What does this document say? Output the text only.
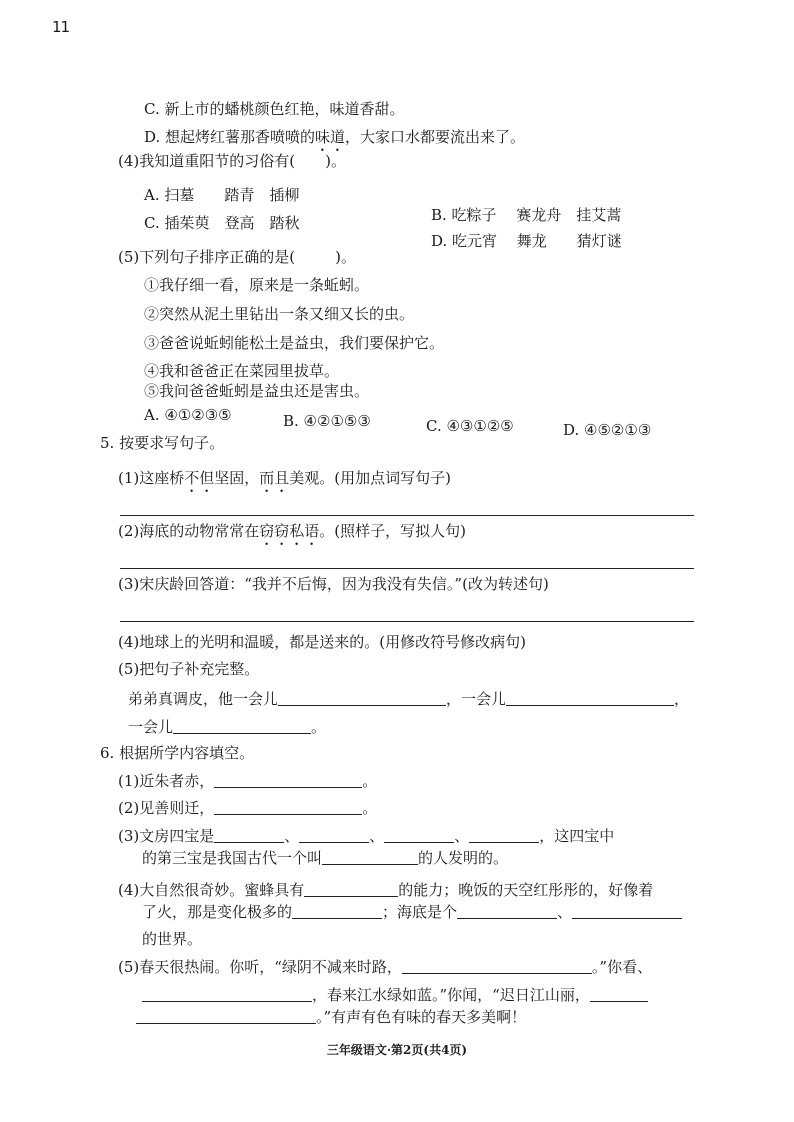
11
C. 新上市的蟠桃颜色红艳，味道香甜。
D. 想起烤红薯那香喷喷的味道，大家口水都要流出来了。
(4)我知道重阳节的习俗有( )。
A. 扫墓　　踏青　插柳
B. 吃粽子　 赛龙舟　挂艾蒿
C. 插茱萸　登高　踏秋
D. 吃元宵　 舞龙　　猜灯谜
(5)下列句子排序正确的是(	)。
①我仔细一看，原来是一条蚯蚓。
②突然从泥土里钻出一条又细又长的虫。
③爸爸说蚯蚓能松土是益虫，我们要保护它。
④我和爸爸正在菜园里拔草。
⑤我问爸爸蚯蚓是益虫还是害虫。
A. ④①②③⑤	B. ④②①⑤③	C. ④③①②⑤	D. ④⑤②①③
5. 按要求写句子。
(1)这座桥不但坚固，而且美观。(用加点词写句子)
(2)海底的动物常常在窃窃私语。(照样子，写拟人句)
(3)宋庆龄回答道：“我并不后悔，因为我没有失信。”(改为转述句)
(4)地球上的光明和温暖，都是送来的。(用修改符号修改病句)
(5)把句子补充完整。
弟弟真调皮，他一会儿	，一会儿	，
一会儿	。
6. 根据所学内容填空。
(1)近朱者赤，	。
(2)见善则迁，	。
(3)文房四宝是	、	、	、	，这四宝中
的第三宝是我国古代一个叫	的人发明的。
(4)大自然很奇妙。蜜蜂具有	的能力；晚饭的天空红彤彤的，好像着
了火，那是变化极多的	；海底是个	、
的世界。
(5)春天很热闹。你听，“绿阴不减来时路，	。”你看、
，春来江水绿如蓝。”你闻，“迟日江山丽，
。”有声有色有味的春天多美啊！
三年级语文·第2页(共4页)
